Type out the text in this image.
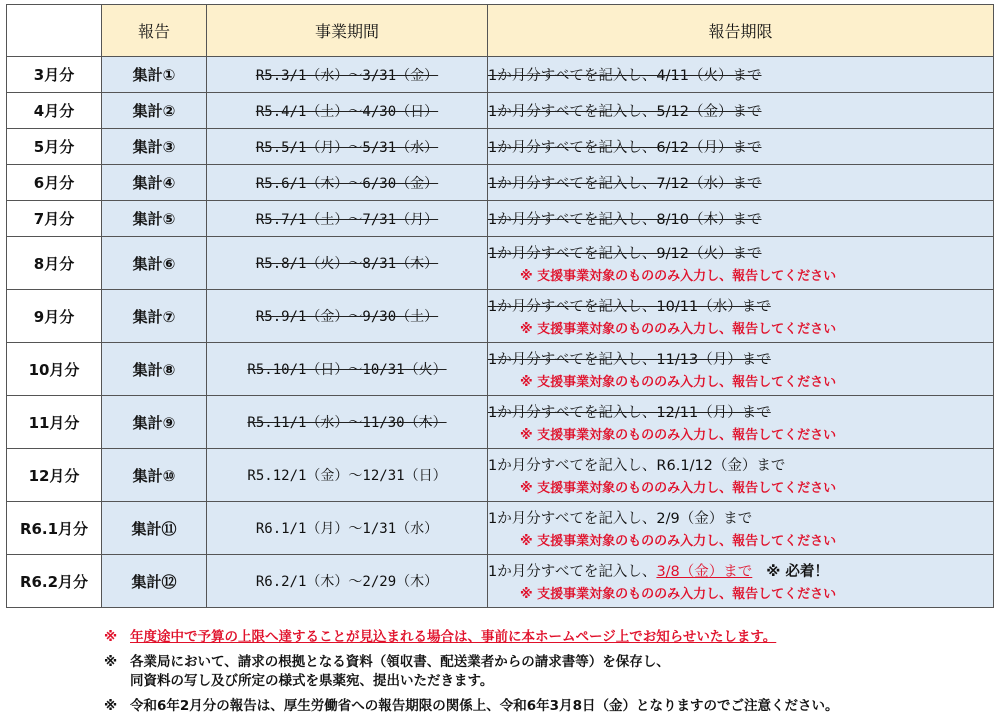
	報告	事業期間	報告期限
3月分	集計①	R5.3/1（水）～3/31（金）	1か月分すべてを記入し、4/11（火）まで

4月分	集計②	R5.4/1（土）～4/30（日）	1か月分すべてを記入し、5/12（金）まで

5月分	集計③	R5.5/1（月）～5/31（水）	1か月分すべてを記入し、6/12（月）まで

6月分	集計④	R5.6/1（木）～6/30（金）	1か月分すべてを記入し、7/12（水）まで

7月分	集計⑤	R5.7/1（土）～7/31（月）	1か月分すべてを記入し、8/10（木）まで

8月分	集計⑥	R5.8/1（火）～8/31（木）	1か月分すべてを記入し、9/12（火）まで
※ 支援事業対象のもののみ入力し、報告してください

9月分	集計⑦	R5.9/1（金）～9/30（土）	1か月分すべてを記入し、10/11（水）まで
※ 支援事業対象のもののみ入力し、報告してください

10月分	集計⑧	R5.10/1（日）～10/31（火）	1か月分すべてを記入し、11/13（月）まで
※ 支援事業対象のもののみ入力し、報告してください

11月分	集計⑨	R5.11/1（水）～11/30（木）	1か月分すべてを記入し、12/11（月）まで
※ 支援事業対象のもののみ入力し、報告してください

12月分	集計⑩	R5.12/1（金）～12/31（日）	1か月分すべてを記入し、R6.1/12（金）まで
※ 支援事業対象のもののみ入力し、報告してください

R6.1月分	集計⑪	R6.1/1（月）～1/31（水）	1か月分すべてを記入し、2/9（金）まで
※ 支援事業対象のもののみ入力し、報告してください

R6.2月分	集計⑫	R6.2/1（木）～2/29（木）	1か月分すべてを記入し、3/8（金）まで ※ 必着！
※ 支援事業対象のもののみ入力し、報告してください
※ 年度途中で予算の上限へ達することが見込まれる場合は、事前に本ホームページ上でお知らせいたします。
※ 各業局において、請求の根拠となる資料（領収書、配送業者からの請求書等）を保存し、
同資料の写し及び所定の様式を県薬宛、提出いただきます。
※ 令和6年2月分の報告は、厚生労働省への報告期限の関係上、令和6年3月8日（金）となりますのでご注意ください。
